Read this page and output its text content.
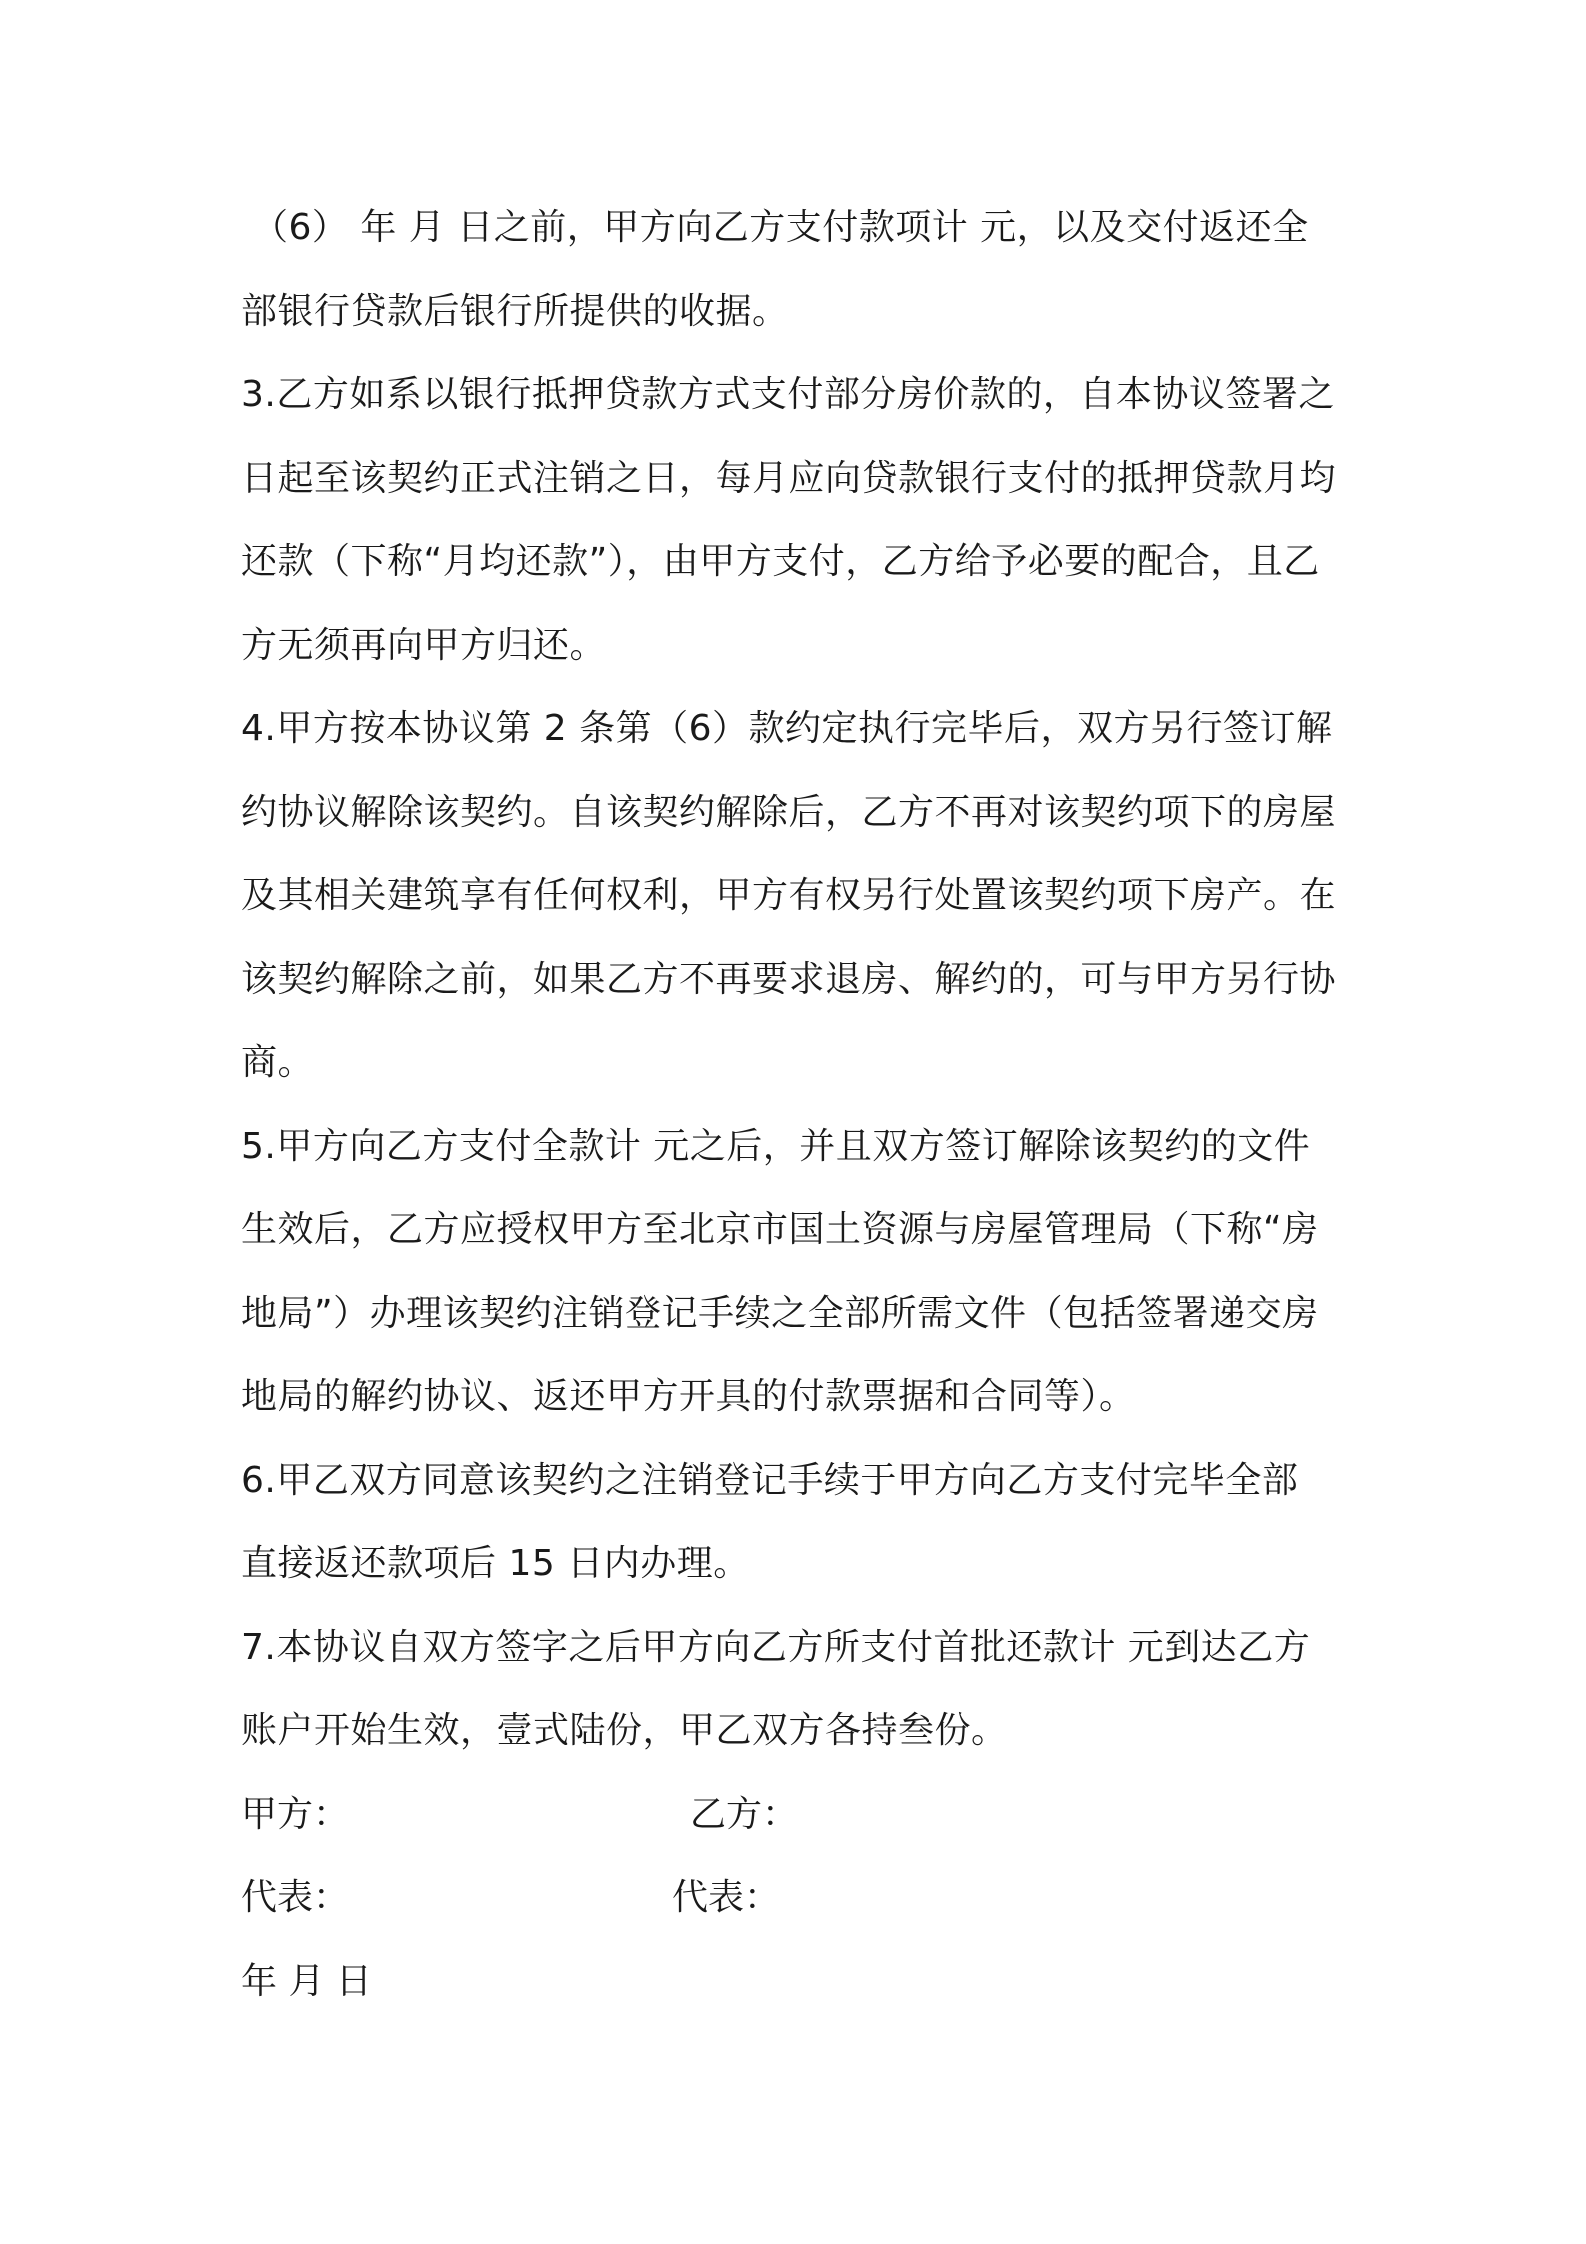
（6） 年 月 日之前，甲方向乙方支付款项计 元，以及交付返还全
部银行贷款后银行所提供的收据。
3.乙方如系以银行抵押贷款方式支付部分房价款的，自本协议签署之
日起至该契约正式注销之日，每月应向贷款银行支付的抵押贷款月均
还款（下称“月均还款”），由甲方支付，乙方给予必要的配合，且乙
方无须再向甲方归还。
4.甲方按本协议第 2 条第（6）款约定执行完毕后，双方另行签订解
约协议解除该契约。自该契约解除后，乙方不再对该契约项下的房屋
及其相关建筑享有任何权利，甲方有权另行处置该契约项下房产。在
该契约解除之前，如果乙方不再要求退房、解约的，可与甲方另行协
商。
5.甲方向乙方支付全款计 元之后，并且双方签订解除该契约的文件
生效后，乙方应授权甲方至北京市国土资源与房屋管理局（下称“房
地局”）办理该契约注销登记手续之全部所需文件（包括签署递交房
地局的解约协议、返还甲方开具的付款票据和合同等）。
6.甲乙双方同意该契约之注销登记手续于甲方向乙方支付完毕全部
直接返还款项后 15 日内办理。
7.本协议自双方签字之后甲方向乙方所支付首批还款计 元到达乙方
账户开始生效，壹式陆份，甲乙双方各持叁份。
甲方：	乙方：
代表：	代表：
年 月 日
